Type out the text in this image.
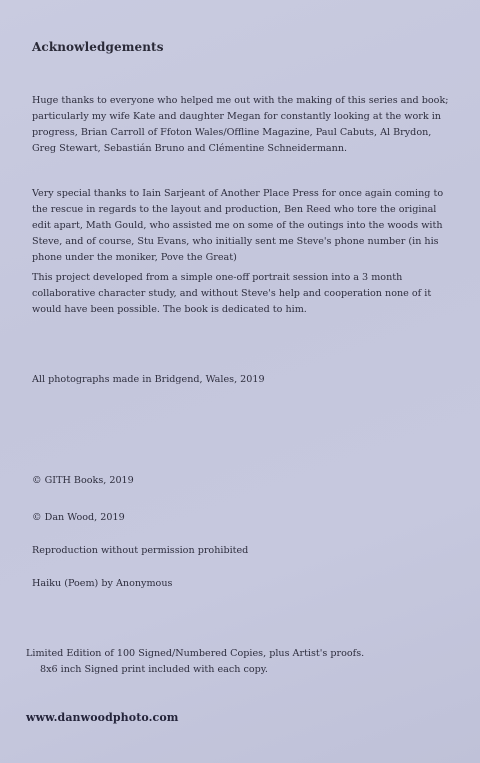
Acknowledgements
Huge thanks to everyone who helped me out with the making of this series and book; particularly my wife Kate and daughter Megan for constantly looking at the work in progress, Brian Carroll of Ffoton Wales/Offline Magazine, Paul Cabuts, Al Brydon, Greg Stewart, Sebastián Bruno and Clémentine Schneidermann.
Very special thanks to Iain Sarjeant of Another Place Press for once again coming to the rescue in regards to the layout and production, Ben Reed who tore the original edit apart, Math Gould, who assisted me on some of the outings into the woods with Steve, and of course, Stu Evans, who initially sent me Steve's phone number (in his phone under the moniker, Pove the Great)
This project developed from a simple one-off portrait session into a 3 month collaborative character study, and without Steve's help and cooperation none of it would have been possible. The book is dedicated to him.
All photographs made in Bridgend, Wales, 2019
© GITH Books, 2019
© Dan Wood, 2019
Reproduction without permission prohibited
Haiku (Poem) by Anonymous
Limited Edition of 100 Signed/Numbered Copies, plus Artist's proofs.
8x6 inch Signed print included with each copy.
www.danwoodphoto.com
